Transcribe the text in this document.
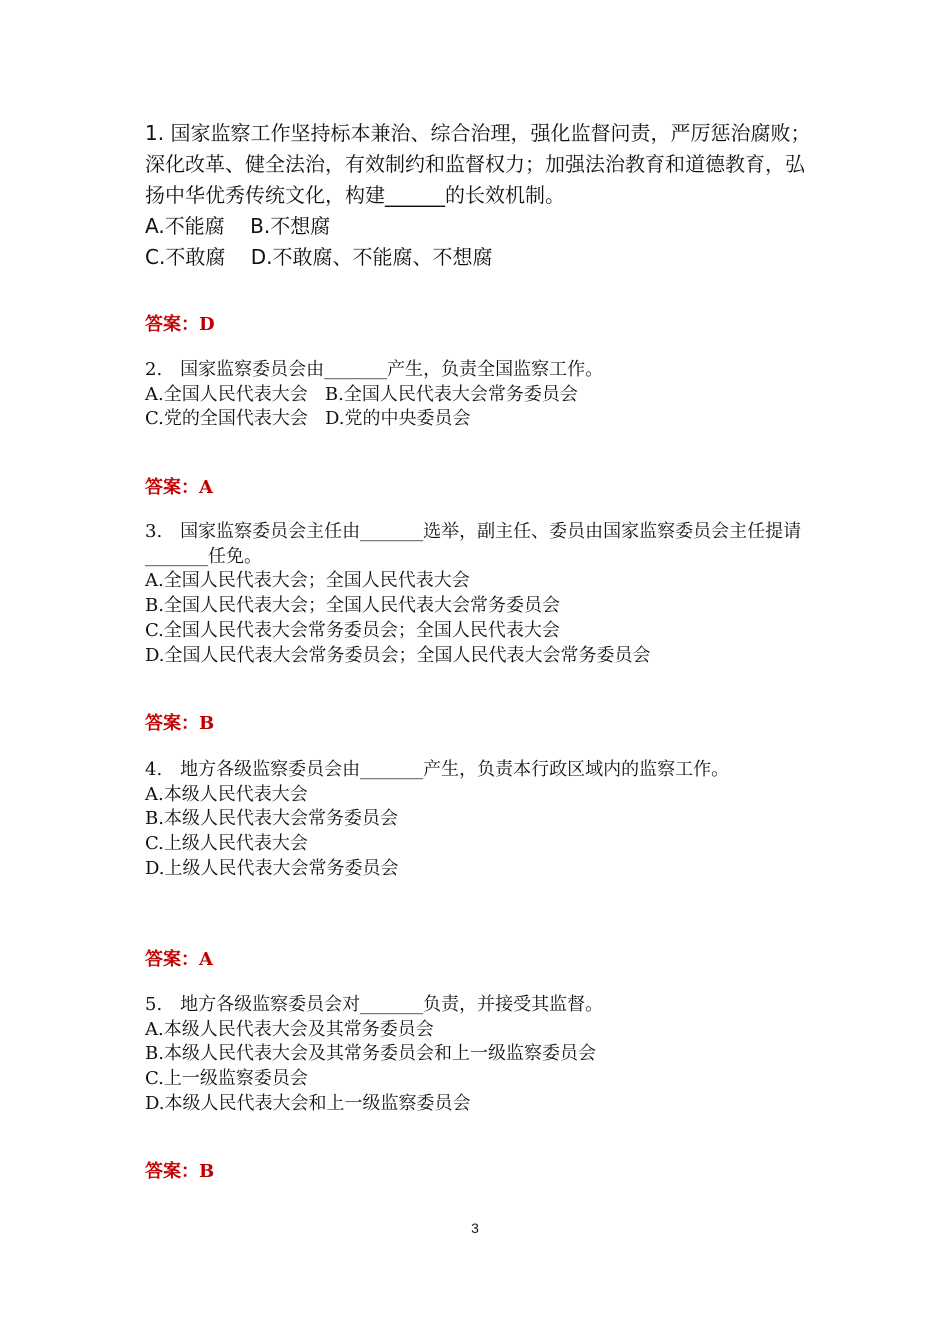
1. 国家监察工作坚持标本兼治、综合治理，强化监督问责，严厉惩治腐败；深化改革、健全法治，有效制约和监督权力；加强法治教育和道德教育，弘扬中华优秀传统文化，构建______的长效机制。

A.不能腐    B.不想腐

C.不敢腐    D.不敢腐、不能腐、不想腐

答案：D

2.　国家监察委员会由_______产生，负责全国监察工作。

A.全国人民代表大会   B.全国人民代表大会常务委员会

C.党的全国代表大会   D.党的中央委员会

答案：A

3.　国家监察委员会主任由_______选举，副主任、委员由国家监察委员会主任提请_______任免。

A.全国人民代表大会；全国人民代表大会

B.全国人民代表大会；全国人民代表大会常务委员会

C.全国人民代表大会常务委员会；全国人民代表大会

D.全国人民代表大会常务委员会；全国人民代表大会常务委员会

答案：B

4.　地方各级监察委员会由_______产生，负责本行政区域内的监察工作。

A.本级人民代表大会

B.本级人民代表大会常务委员会

C.上级人民代表大会

D.上级人民代表大会常务委员会

答案：A

5.　地方各级监察委员会对_______负责，并接受其监督。

A.本级人民代表大会及其常务委员会

B.本级人民代表大会及其常务委员会和上一级监察委员会

C.上一级监察委员会

D.本级人民代表大会和上一级监察委员会

答案：B
3
